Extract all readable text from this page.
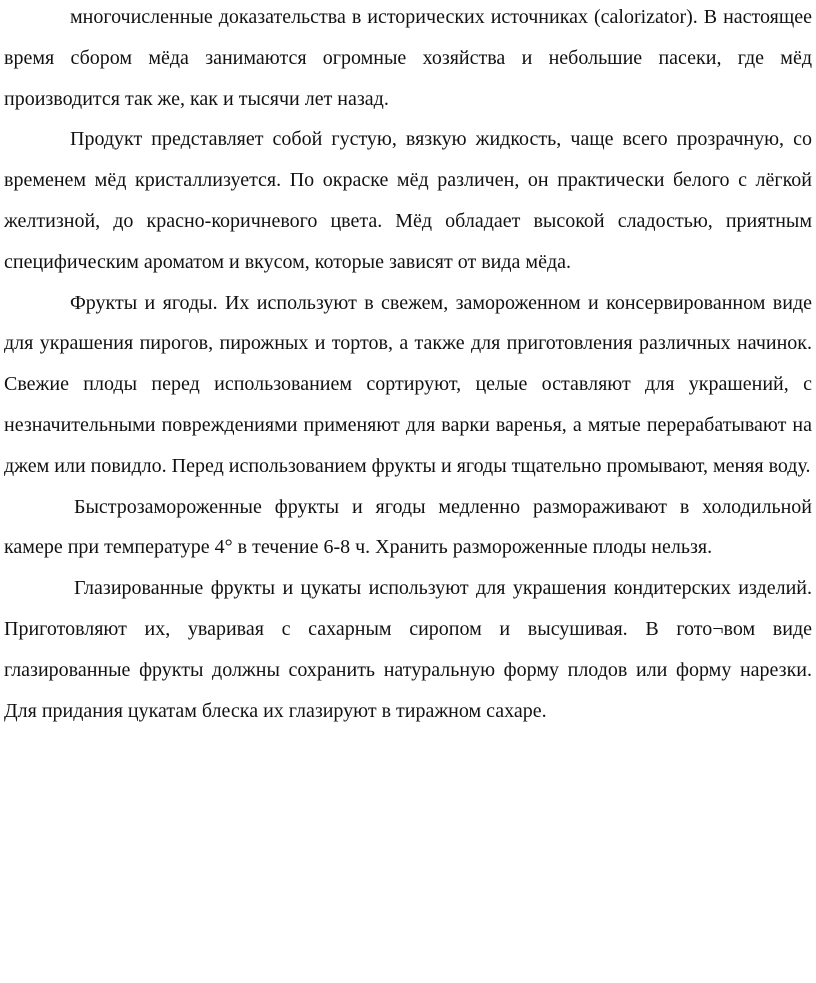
многочисленные доказательства в исторических источниках (calorizator). В настоящее время сбором мёда занимаются огромные хозяйства и небольшие пасеки, где мёд производится так же, как и тысячи лет назад.

Продукт представляет собой густую, вязкую жидкость, чаще всего прозрачную, со временем мёд кристаллизуется. По окраске мёд различен, он практически белого с лёгкой желтизной, до красно-коричневого цвета. Мёд обладает высокой сладостью, приятным специфическим ароматом и вкусом, которые зависят от вида мёда.

Фрукты и ягоды. Их используют в свежем, замороженном и консервированном виде для украшения пирогов, пирожных и тортов, а также для приготовления различных начинок. Свежие плоды перед использованием сортируют, целые оставляют для украшений, с незначительными повреждениями применяют для варки варенья, а мятые перерабатывают на джем или повидло. Перед использованием фрукты и ягоды тщательно промывают, меняя воду.

Быстрозамороженные фрукты и ягоды медленно размораживают в холодильной камере при температуре 4° в течение 6-8 ч. Хранить размороженные плоды нельзя.

Глазированные фрукты и цукаты используют для украшения кондитерских изделий. Приготовляют их, уваривая с сахарным сиропом и высушивая. В гото¬вом виде глазированные фрукты должны сохранить натуральную форму плодов или форму нарезки. Для придания цукатам блеска их глазируют в тиражном сахаре.
